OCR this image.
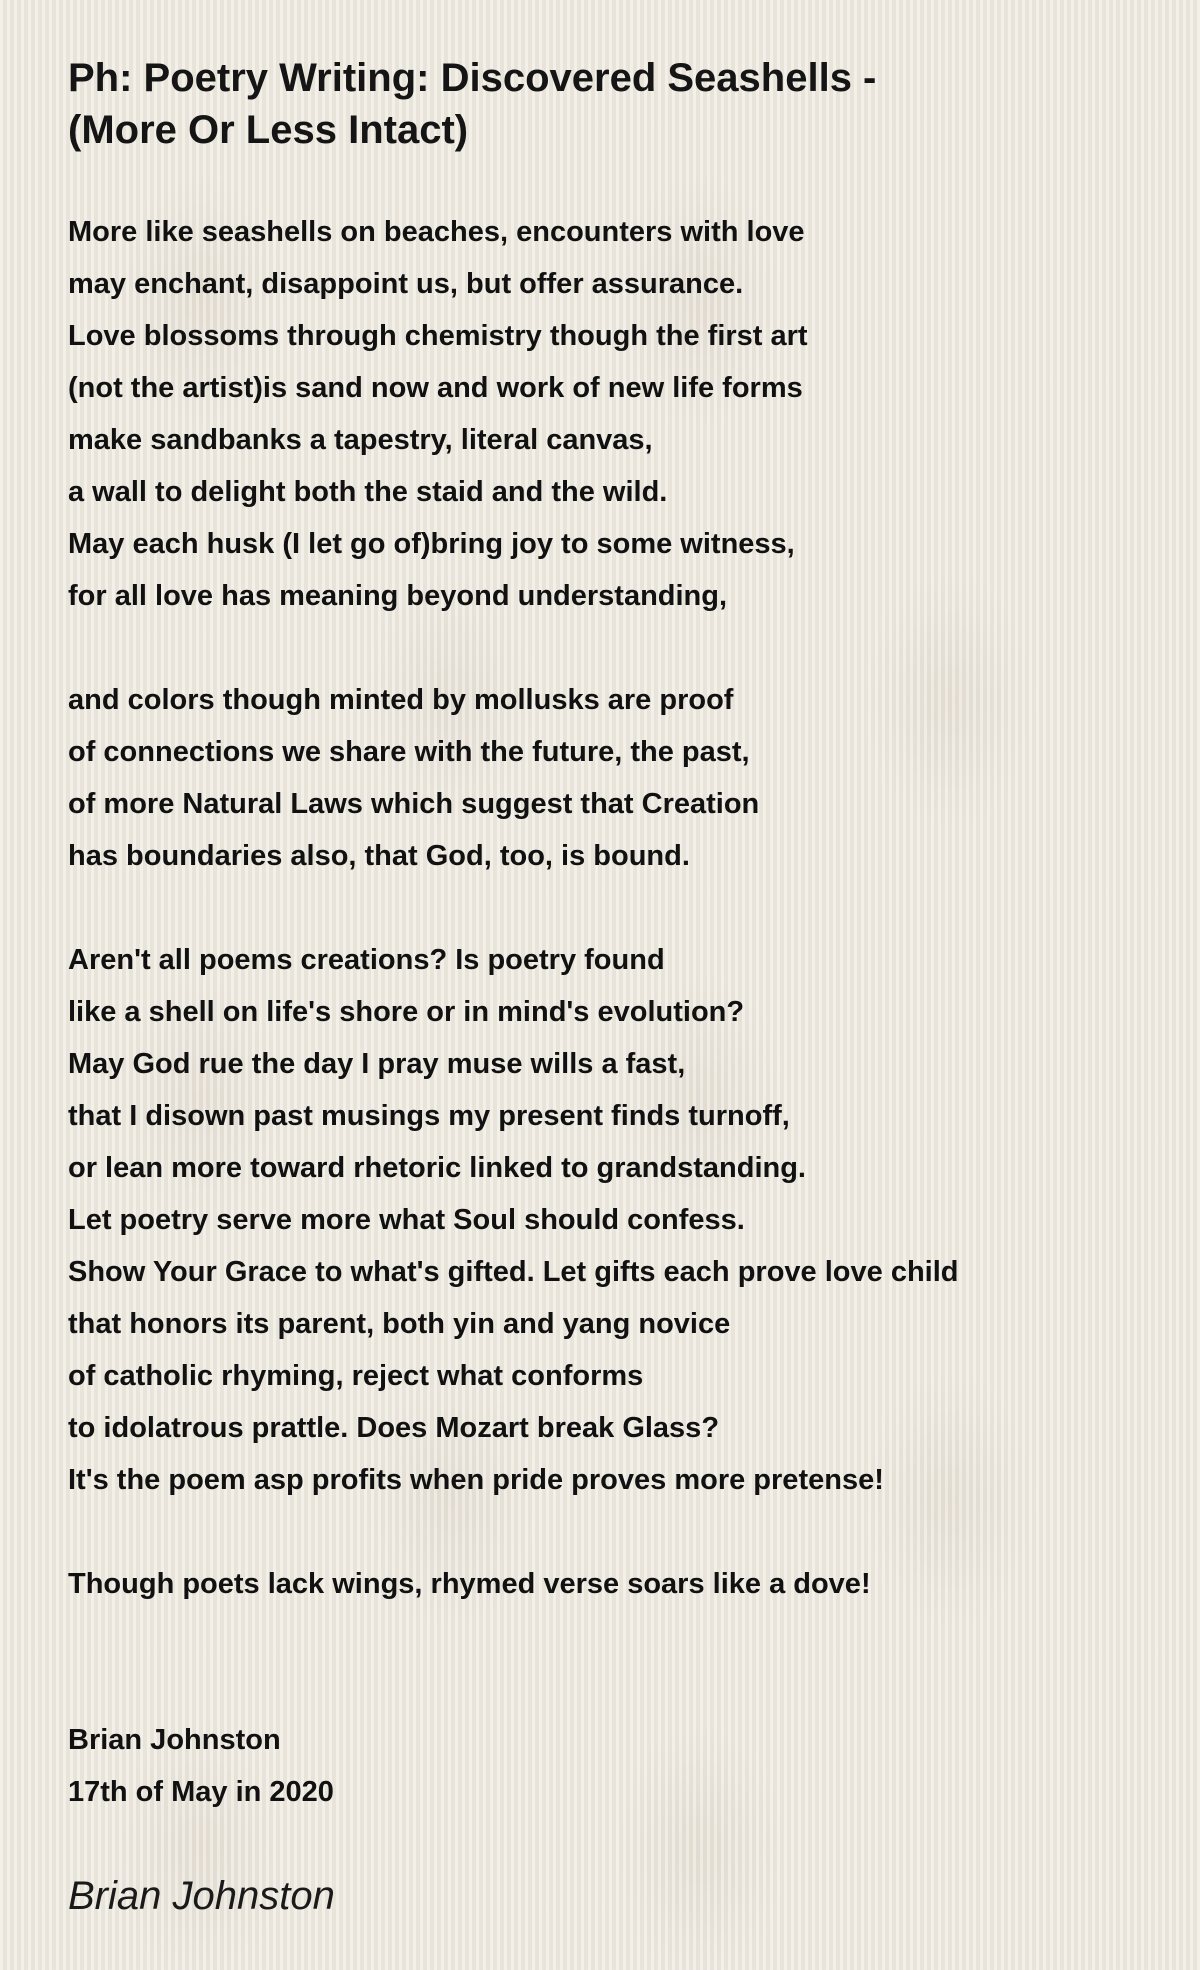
Ph: Poetry Writing: Discovered Seashells -
(More Or Less Intact)
More like seashells on beaches, encounters with love
may enchant, disappoint us, but offer assurance.
Love blossoms through chemistry though the first art
(not the artist)is sand now and work of new life forms
make sandbanks a tapestry, literal canvas,
a wall to delight both the staid and the wild.
May each husk (I let go of)bring joy to some witness,
for all love has meaning beyond understanding,
and colors though minted by mollusks are proof
of connections we share with the future, the past,
of more Natural Laws which suggest that Creation
has boundaries also, that God, too, is bound.
Aren't all poems creations? Is poetry found
like a shell on life's shore or in mind's evolution?
May God rue the day I pray muse wills a fast,
that I disown past musings my present finds turnoff,
or lean more toward rhetoric linked to grandstanding.
Let poetry serve more what Soul should confess.
Show Your Grace to what's gifted. Let gifts each prove love child
that honors its parent, both yin and yang novice
of catholic rhyming, reject what conforms
to idolatrous prattle. Does Mozart break Glass?
It's the poem asp profits when pride proves more pretense!
Though poets lack wings, rhymed verse soars like a dove!
Brian Johnston
17th of May in 2020
Brian Johnston
